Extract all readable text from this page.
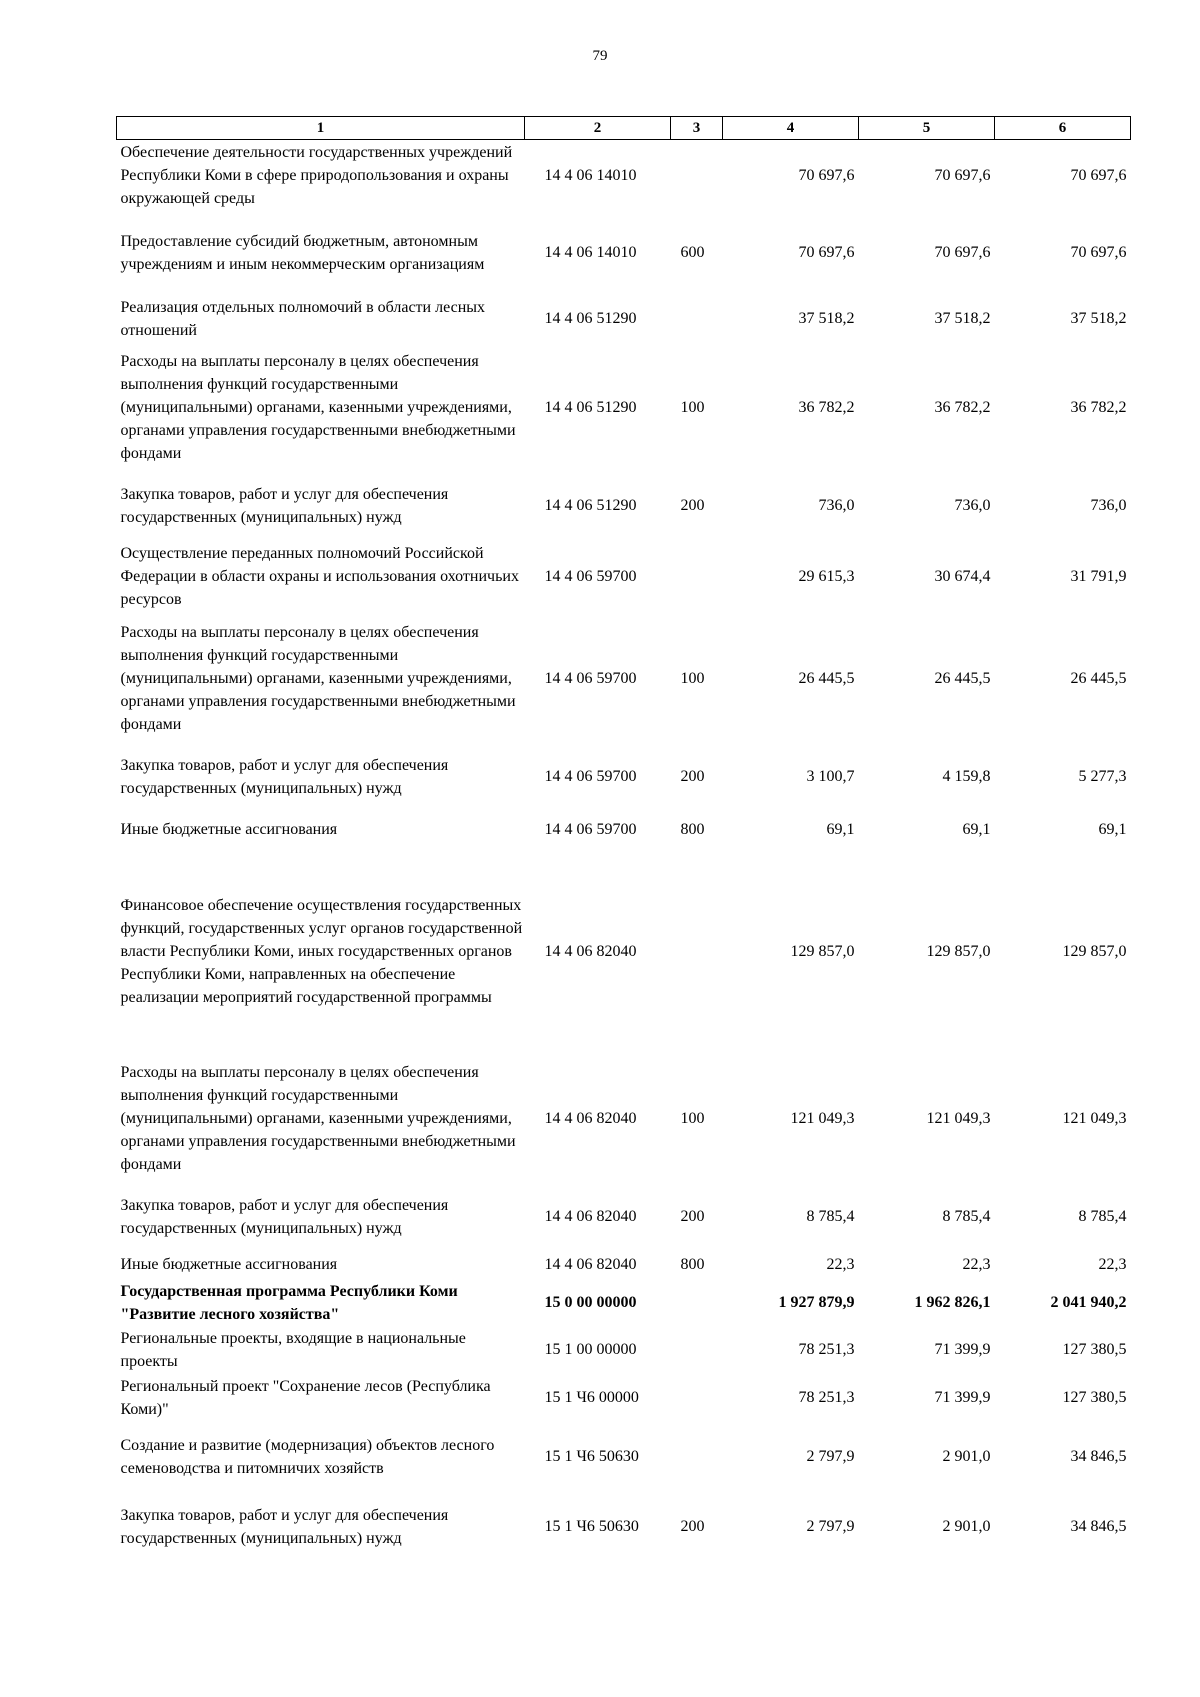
79
1	2	3	4	5	6
Обеспечение деятельности государственных учреждений Республики Коми в сфере природопользования и охраны окружающей среды	14 4 06 14010		70 697,6	70 697,6	70 697,6
Предоставление субсидий бюджетным, автономным учреждениям и иным некоммерческим организациям	14 4 06 14010	600	70 697,6	70 697,6	70 697,6
Реализация отдельных полномочий в области лесных отношений	14 4 06 51290		37 518,2	37 518,2	37 518,2
Расходы на выплаты персоналу в целях обеспечения выполнения функций государственными (муниципальными) органами, казенными учреждениями, органами управления государственными внебюджетными фондами	14 4 06 51290	100	36 782,2	36 782,2	36 782,2
Закупка товаров, работ и услуг для обеспечения государственных (муниципальных) нужд	14 4 06 51290	200	736,0	736,0	736,0
Осуществление переданных полномочий Российской Федерации в области охраны и использования охотничьих ресурсов	14 4 06 59700		29 615,3	30 674,4	31 791,9
Расходы на выплаты персоналу в целях обеспечения выполнения функций государственными (муниципальными) органами, казенными учреждениями, органами управления государственными внебюджетными фондами	14 4 06 59700	100	26 445,5	26 445,5	26 445,5
Закупка товаров, работ и услуг для обеспечения государственных (муниципальных) нужд	14 4 06 59700	200	3 100,7	4 159,8	5 277,3
Иные бюджетные ассигнования	14 4 06 59700	800	69,1	69,1	69,1
Финансовое обеспечение осуществления государственных функций, государственных услуг органов государственной власти Республики Коми, иных государственных органов Республики Коми, направленных на обеспечение реализации мероприятий государственной программы	14 4 06 82040		129 857,0	129 857,0	129 857,0
Расходы на выплаты персоналу в целях обеспечения выполнения функций государственными (муниципальными) органами, казенными учреждениями, органами управления государственными внебюджетными фондами	14 4 06 82040	100	121 049,3	121 049,3	121 049,3
Закупка товаров, работ и услуг для обеспечения государственных (муниципальных) нужд	14 4 06 82040	200	8 785,4	8 785,4	8 785,4
Иные бюджетные ассигнования	14 4 06 82040	800	22,3	22,3	22,3
Государственная программа Республики Коми "Развитие лесного хозяйства"	15 0 00 00000		1 927 879,9	1 962 826,1	2 041 940,2
Региональные проекты, входящие в национальные проекты	15 1 00 00000		78 251,3	71 399,9	127 380,5
Региональный проект "Сохранение лесов (Республика Коми)"	15 1 Ч6 00000		78 251,3	71 399,9	127 380,5
Создание и развитие (модернизация) объектов лесного семеноводства и питомничих хозяйств	15 1 Ч6 50630		2 797,9	2 901,0	34 846,5
Закупка товаров, работ и услуг для обеспечения государственных (муниципальных) нужд	15 1 Ч6 50630	200	2 797,9	2 901,0	34 846,5
